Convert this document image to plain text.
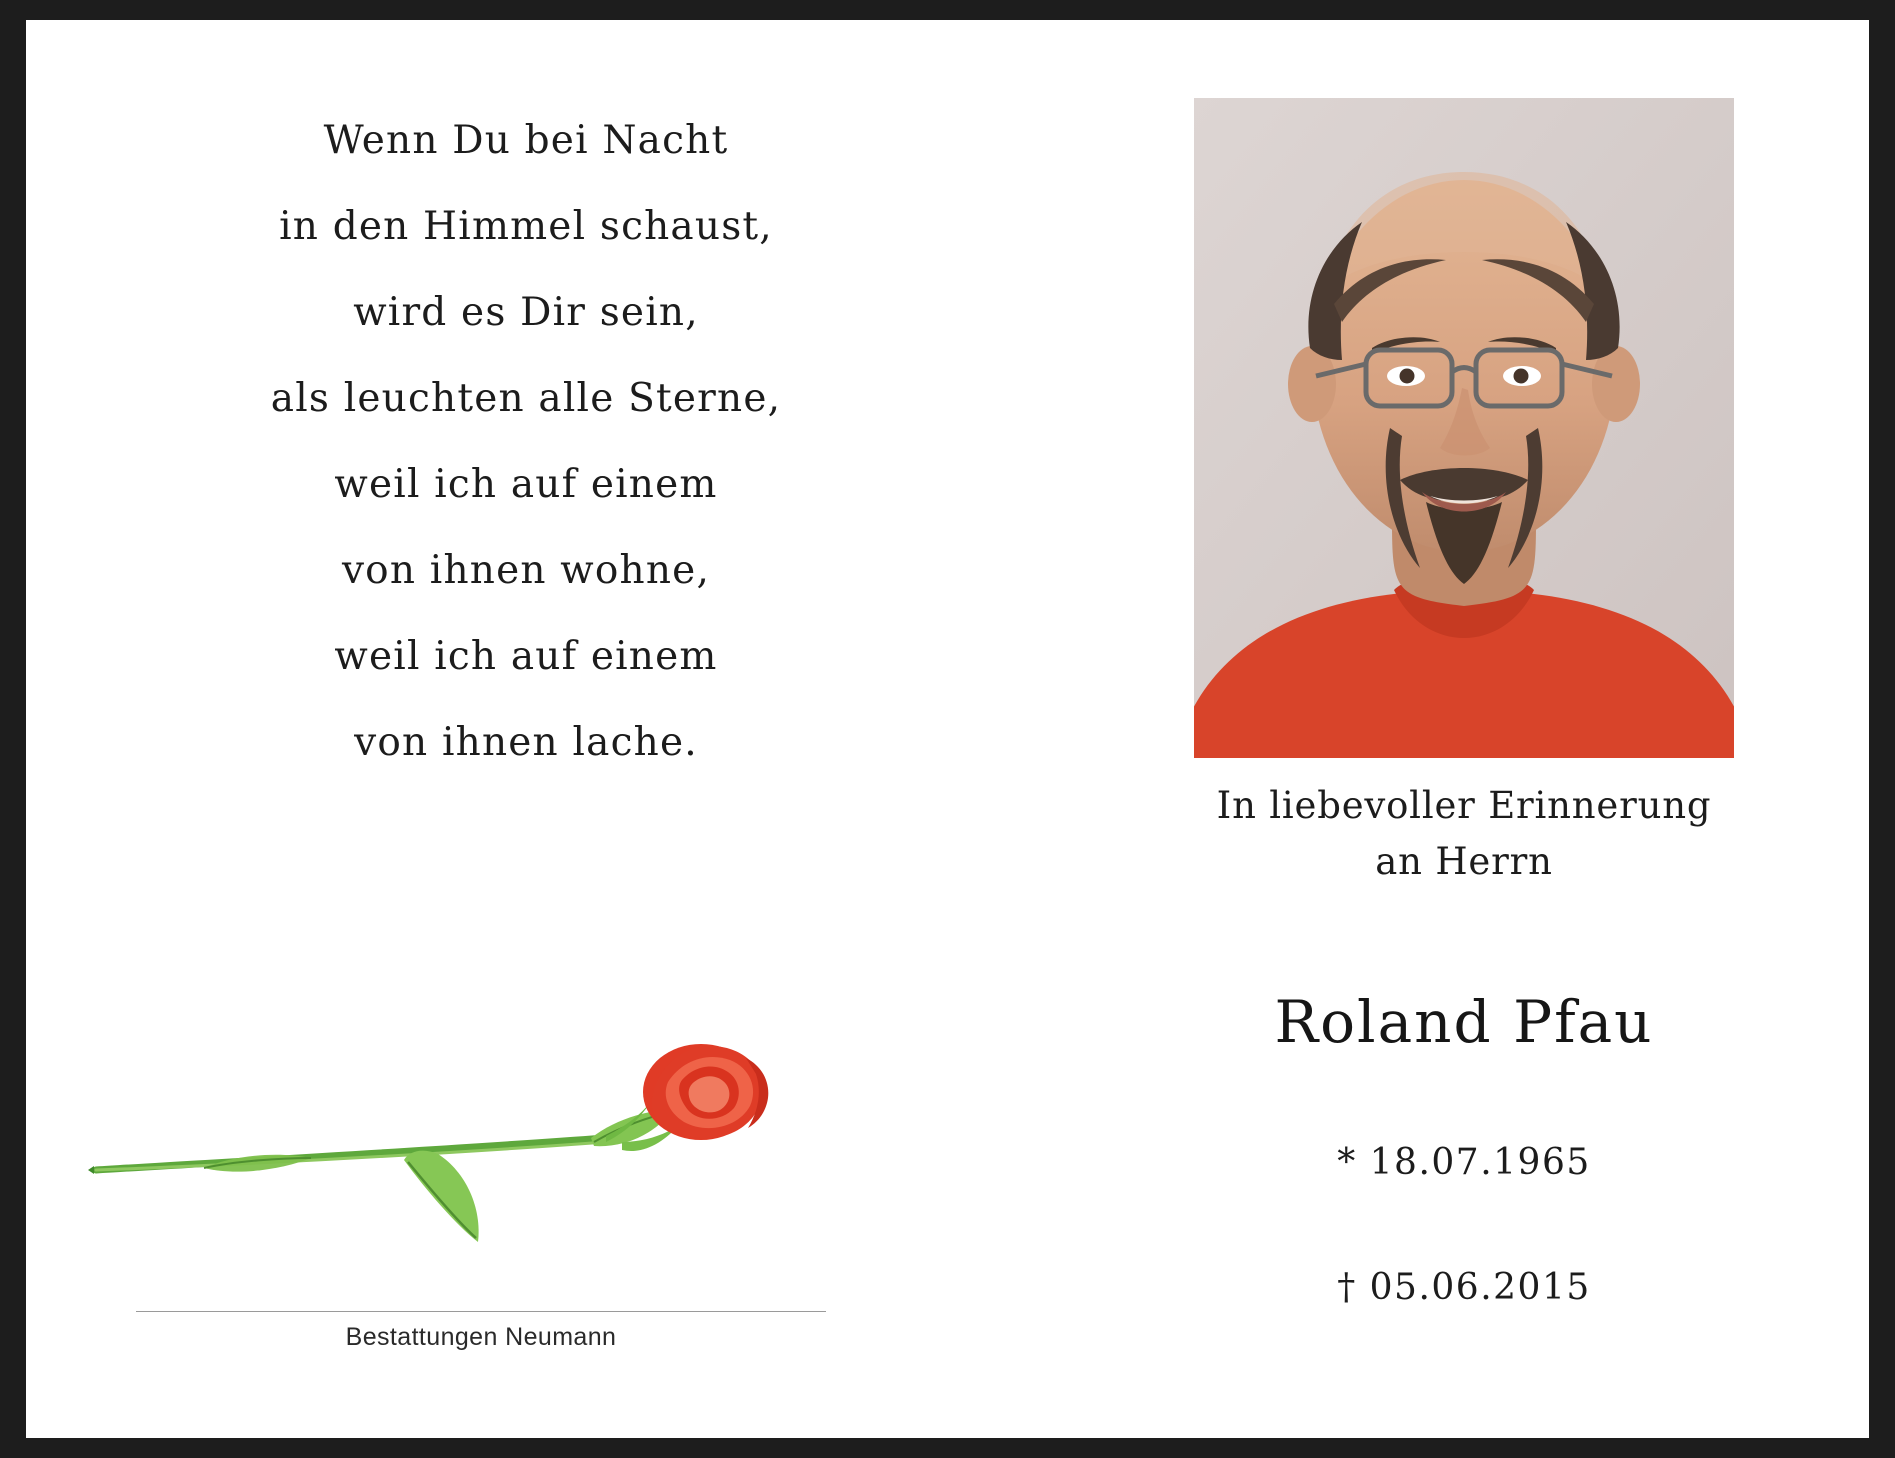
Wenn Du bei Nacht
in den Himmel schaust,
wird es Dir sein,
als leuchten alle Sterne,
weil ich auf einem
von ihnen wohne,
weil ich auf einem
von ihnen lache.
Bestattungen Neumann
In liebevoller Erinnerung
an Herrn
Roland Pfau
* 18.07.1965
† 05.06.2015
